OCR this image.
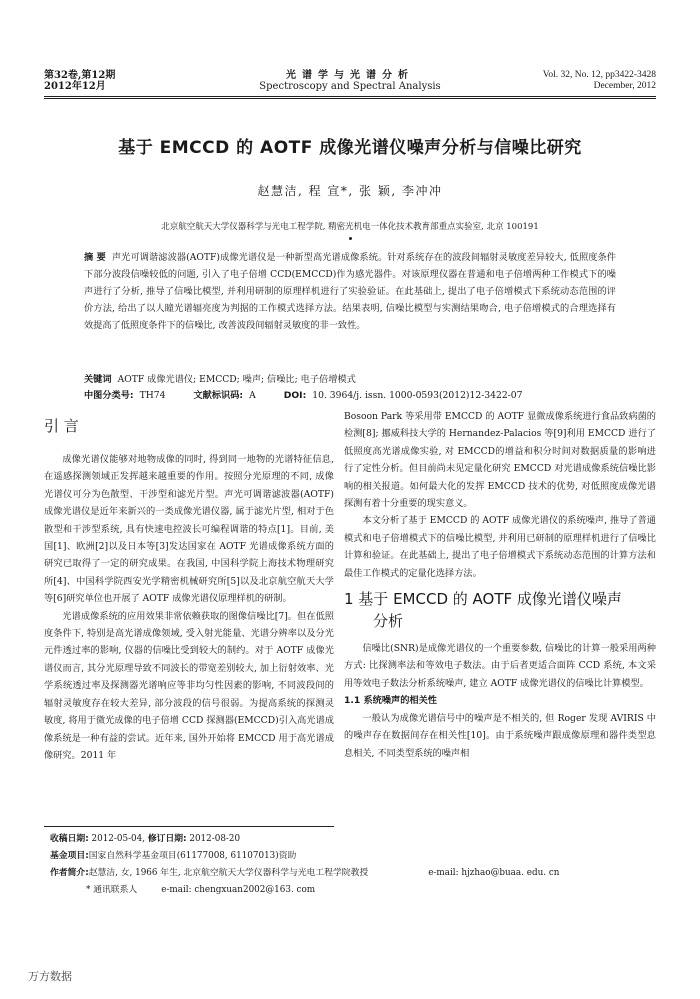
第32卷,第12期
2012年12月
光谱学与光谱分析
Spectroscopy and Spectral Analysis
Vol. 32, No. 12, pp3422-3428
December, 2012
基于 EMCCD 的 AOTF 成像光谱仪噪声分析与信噪比研究
赵慧洁, 程 宣*, 张 颖, 李冲冲
北京航空航天大学仪器科学与光电工程学院, 精密光机电一体化技术教育部重点实验室, 北京 100191
摘 要 声光可调谐滤波器(AOTF)成像光谱仪是一种新型高光谱成像系统。针对系统存在的波段间辐射灵敏度差异较大, 低照度条件下部分波段信噪较低的问题, 引入了电子倍增 CCD(EMCCD)作为感光器件。对该原理仪器在普通和电子倍增两种工作模式下的噪声进行了分析, 推导了信噪比模型, 并利用研制的原理样机进行了实验验证。在此基础上, 提出了电子倍增模式下系统动态范围的评价方法, 给出了以人瞳光谱辐亮度为判据的工作模式选择方法。结果表明, 信噪比模型与实测结果吻合, 电子倍增模式的合理选择有效提高了低照度条件下的信噪比, 改善波段间辐射灵敏度的非一致性。
关键词 AOTF 成像光谱仪; EMCCD; 噪声; 信噪比; 电子倍增模式
中图分类号: TH74	文献标识码: A	DOI: 10. 3964/j. issn. 1000-0593(2012)12-3422-07
引 言

成像光谱仪能够对地物成像的同时, 得到同一地物的光谱特征信息, 在遥感探测领域正发挥越来越重要的作用。按照分光原理的不同, 成像光谱仪可分为色散型、干涉型和滤光片型。声光可调谐滤波器(AOTF)成像光谱仪是近年来新兴的一类成像光谱仪器, 属于滤光片型, 相对于色散型和干涉型系统, 具有快速电控波长可编程调谐的特点[1]。目前, 美国[1]、欧洲[2]以及日本等[3]发达国家在 AOTF 光谱成像系统方面的研究已取得了一定的研究成果。在我国, 中国科学院上海技术物理研究所[4]、中国科学院西安光学精密机械研究所[5]以及北京航空航天大学等[6]研究单位也开展了 AOTF 成像光谱仪原理样机的研制。

光谱成像系统的应用效果非常依赖获取的图像信噪比[7]。但在低照度条件下, 特别是高光谱成像领域, 受入射光能量、光谱分辨率以及分光元件透过率的影响, 仪器的信噪比受到较大的制约。对于 AOTF 成像光谱仪而言, 其分光原理导致不同波长的带宽差别较大, 加上衍射效率、光学系统透过率及探测器光谱响应等非均匀性因素的影响, 不同波段间的辐射灵敏度存在较大差异, 部分波段的信号很弱。为提高系统的探测灵敏度, 将用于微光成像的电子倍增 CCD 探测器(EMCCD)引入高光谱成像系统是一种有益的尝试。近年来, 国外开始将 EMCCD 用于高光谱成像研究。2011 年

Bosoon Park 等采用带 EMCCD 的 AOTF 显微成像系统进行食品致病菌的检测[8]; 挪威科技大学的 Hernandez-Palacios 等[9]利用 EMCCD 进行了低照度高光谱成像实验, 对 EMCCD的增益和积分时间对数据质量的影响进行了定性分析。但目前尚未见定量化研究 EMCCD 对光谱成像系统信噪比影响的相关报道。如何最大化的发挥 EMCCD 技术的优势, 对低照度成像光谱探测有着十分重要的现实意义。

本文分析了基于 EMCCD 的 AOTF 成像光谱仪的系统噪声, 推导了普通模式和电子倍增模式下的信噪比模型, 并利用已研制的原理样机进行了信噪比计算和验证。在此基础上, 提出了电子倍增模式下系统动态范围的计算方法和最佳工作模式的定量化选择方法。

1 基于 EMCCD 的 AOTF 成像光谱仪噪声
分析

信噪比(SNR)是成像光谱仪的一个重要参数, 信噪比的计算一般采用两种方式: 比探测率法和等效电子数法。由于后者更适合面阵 CCD 系统, 本文采用等效电子数法分析系统噪声, 建立 AOTF 成像光谱仪的信噪比计算模型。

1.1 系统噪声的相关性

一般认为成像光谱信号中的噪声是不相关的, 但 Roger 发现 AVIRIS 中的噪声存在数据间存在相关性[10]。由于系统噪声跟成像原理和器件类型息息相关, 不同类型系统的噪声相

收稿日期: 2012-05-04, 修订日期: 2012-08-20
基金项目:国家自然科学基金项目(61177008, 61107013)资助
作者简介:赵慧洁, 女, 1966 年生, 北京航空航天大学仪器科学与光电工程学院教授	e-mail: hjzhao@buaa. edu. cn
* 通讯联系人	e-mail: chengxuan2002@163. com
万方数据
